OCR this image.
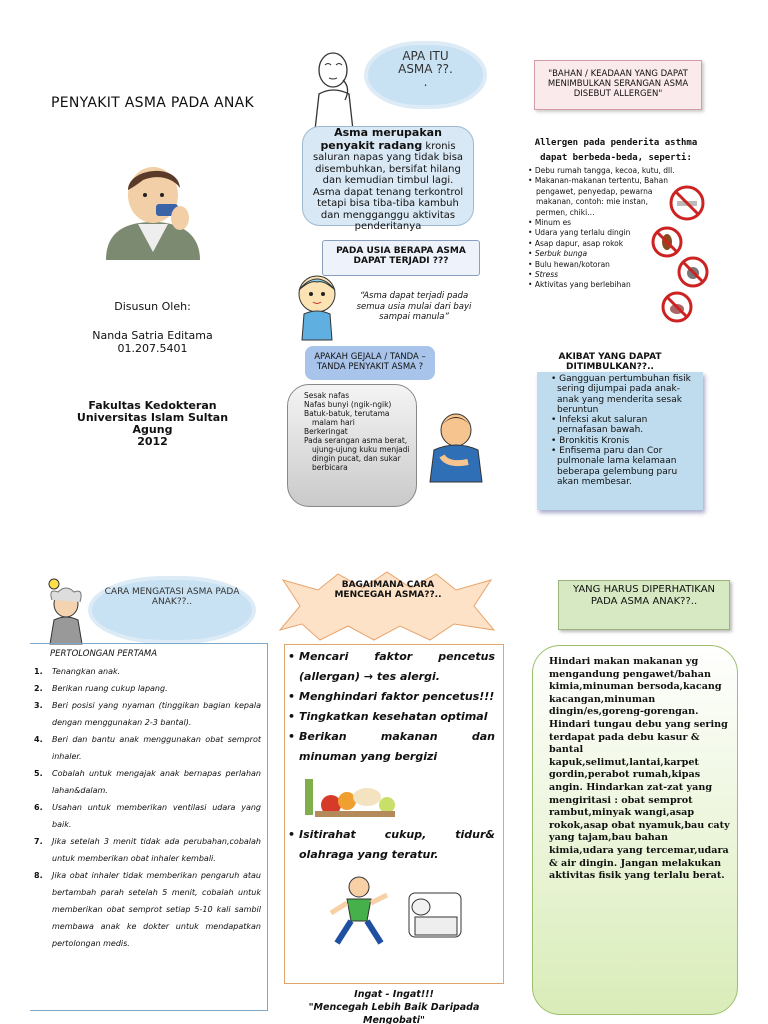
PENYAKIT ASMA PADA ANAK
Disusun Oleh:
Nanda Satria Editama
01.207.5401
Fakultas Kedokteran
Universitas Islam Sultan
Agung
2012
APA ITU
ASMA ??.
.
Asma merupakan penyakit radang kronis saluran napas yang tidak bisa disembuhkan, bersifat hilang dan kemudian timbul lagi. Asma dapat tenang terkontrol tetapi bisa tiba-tiba kambuh dan mengganggu aktivitas penderitanya
PADA USIA BERAPA ASMA DAPAT TERJADI ???
“Asma dapat terjadi pada semua usia mulai dari bayi sampai manula”
APAKAH GEJALA / TANDA – TANDA PENYAKIT ASMA ?
Sesak nafas
Nafas bunyi (ngik-ngik)
Batuk-batuk, terutama malam hari
Berkeringat
Pada serangan asma berat, ujung-ujung kuku menjadi dingin pucat, dan sukar berbicara
"BAHAN / KEADAAN YANG DAPAT MENIMBULKAN SERANGAN ASMA DISEBUT ALLERGEN"
Allergen pada penderita asthma dapat berbeda-beda, seperti:
• Debu rumah tangga, kecoa, kutu, dll.
• Makanan-makanan tertentu, Bahan pengawet, penyedap, pewarna makanan, contoh: mie instan, permen, chiki…
• Minum es
• Udara yang terlalu dingin
• Asap dapur, asap rokok
• Serbuk bunga
• Bulu hewan/kotoran
• Stress
• Aktivitas yang berlebihan
AKIBAT YANG DAPAT DITIMBULKAN??..
• Gangguan pertumbuhan fisik sering dijumpai pada anak-anak yang menderita sesak beruntun
• Infeksi akut saluran pernafasan bawah.
• Bronkitis Kronis
• Enfisema paru dan Cor pulmonale lama kelamaan beberapa gelembung paru akan membesar.
CARA MENGATASI ASMA PADA ANAK??..
PERTOLONGAN PERTAMA
1. Tenangkan anak.
2. Berikan ruang cukup lapang.
3. Beri posisi yang nyaman (tinggikan bagian kepala dengan menggunakan 2-3 bantal).
4. Beri dan bantu anak menggunakan obat semprot inhaler.
5. Cobalah untuk mengajak anak bernapas perlahan lahan&dalam.
6. Usahan untuk memberikan ventilasi udara yang baik.
7. Jika setelah 3 menit tidak ada perubahan,cobalah untuk memberikan obat inhaler kembali.
8. Jika obat inhaler tidak memberikan pengaruh atau bertambah parah setelah 5 menit, cobalah untuk memberikan obat semprot setiap 5-10 kali sambil membawa anak ke dokter untuk mendapatkan pertolongan medis.
BAGAIMANA CARA MENCEGAH ASMA??..
• Mencari faktor pencetus (allergan) → tes alergi.
• Menghindari faktor pencetus!!!
• Tingkatkan kesehatan optimal
• Berikan makanan dan minuman yang bergizi
• Isitirahat cukup, tidur& olahraga yang teratur.
Ingat - Ingat!!!
"Mencegah Lebih Baik Daripada Mengobati"
YANG HARUS DIPERHATIKAN PADA ASMA ANAK??..
Hindari makan makanan yg mengandung pengawet/bahan kimia,minuman bersoda,kacang kacangan,minuman dingin/es,goreng-gorengan. Hindari tungau debu yang sering terdapat pada debu kasur & bantal kapuk,selimut,lantai,karpet gordin,perabot rumah,kipas angin. Hindarkan zat-zat yang mengiritasi : obat semprot rambut,minyak wangi,asap rokok,asap obat nyamuk,bau caty yang tajam,bau bahan kimia,udara yang tercemar,udara & air dingin. Jangan melakukan aktivitas fisik yang terlalu berat.
